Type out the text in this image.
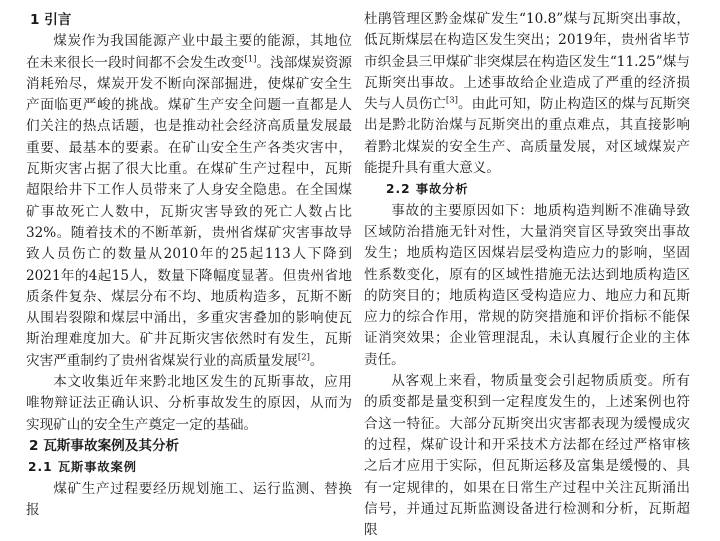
1 引言

煤炭作为我国能源产业中最主要的能源，其地位在未来很长一段时间都不会发生改变[1]。浅部煤炭资源消耗殆尽，煤炭开发不断向深部掘进，使煤矿安全生产面临更严峻的挑战。煤矿生产安全问题一直都是人们关注的热点话题，也是推动社会经济高质量发展最重要、最基本的要素。在矿山安全生产各类灾害中，瓦斯灾害占据了很大比重。在煤矿生产过程中，瓦斯超限给井下工作人员带来了人身安全隐患。在全国煤矿事故死亡人数中，瓦斯灾害导致的死亡人数占比32%。随着技术的不断革新，贵州省煤矿灾害事故导致人员伤亡的数量从2010年的25起113人下降到2021年的4起15人，数量下降幅度显著。但贵州省地质条件复杂、煤层分布不均、地质构造多，瓦斯不断从围岩裂隙和煤层中涌出，多重灾害叠加的影响使瓦斯治理难度加大。矿井瓦斯灾害依然时有发生，瓦斯灾害严重制约了贵州省煤炭行业的高质量发展[2]。

本文收集近年来黔北地区发生的瓦斯事故，应用唯物辩证法正确认识、分析事故发生的原因，从而为实现矿山的安全生产奠定一定的基础。

2 瓦斯事故案例及其分析
2.1 瓦斯事故案例

煤矿生产过程要经历规划施工、运行监测、替换报

杜鹃管理区黔金煤矿发生“10.8”煤与瓦斯突出事故，低瓦斯煤层在构造区发生突出；2019年，贵州省毕节市织金县三甲煤矿非突煤层在构造区发生“11.25”煤与瓦斯突出事故。上述事故给企业造成了严重的经济损失与人员伤亡[3]。由此可知，防止构造区的煤与瓦斯突出是黔北防治煤与瓦斯突出的重点难点，其直接影响着黔北煤炭的安全生产、高质量发展，对区域煤炭产能提升具有重大意义。

2.2 事故分析

事故的主要原因如下：地质构造判断不准确导致区域防治措施无针对性，大量消突盲区导致突出事故发生；地质构造区因煤岩层受构造应力的影响，坚固性系数变化，原有的区域性措施无法达到地质构造区的防突目的；地质构造区受构造应力、地应力和瓦斯应力的综合作用，常规的防突措施和评价指标不能保证消突效果；企业管理混乱，未认真履行企业的主体责任。

从客观上来看，物质量变会引起物质质变。所有的质变都是量变积到一定程度发生的，上述案例也符合这一特征。大部分瓦斯突出灾害都表现为缓慢成灾的过程，煤矿设计和开采技术方法都在经过严格审核之后才应用于实际，但瓦斯运移及富集是缓慢的、具有一定规律的，如果在日常生产过程中关注瓦斯涌出信号，并通过瓦斯监测设备进行检测和分析，瓦斯超限
